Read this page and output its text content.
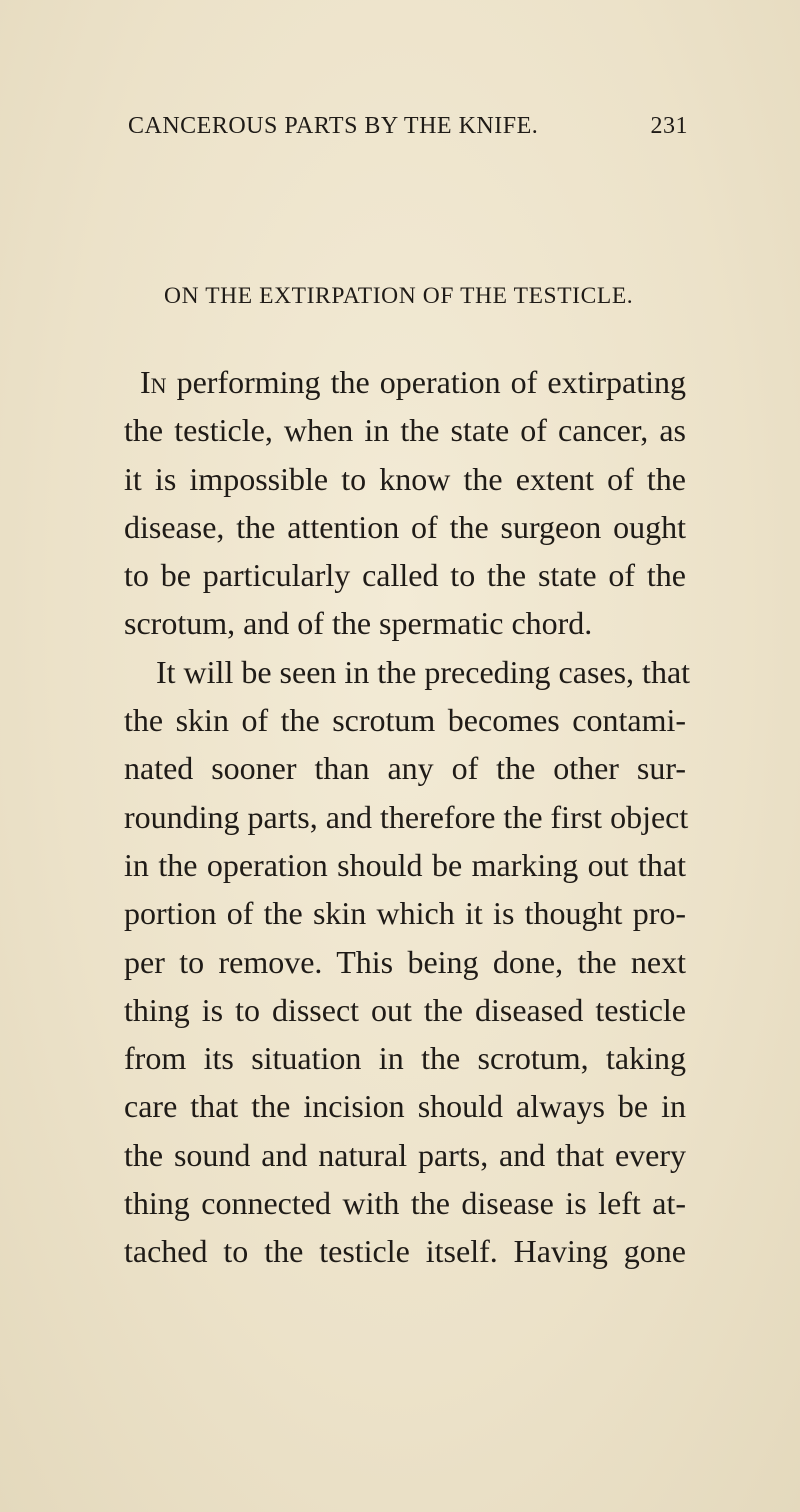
CANCEROUS PARTS BY THE KNIFE.	231
ON THE EXTIRPATION OF THE TESTICLE.
In performing the operation of extirpating
the testicle, when in the state of cancer, as
it is impossible to know the extent of the
disease, the attention of the surgeon ought
to be particularly called to the state of the
scrotum, and of the spermatic chord.
It will be seen in the preceding cases, that
the skin of the scrotum becomes contami-
nated sooner than any of the other sur-
rounding parts, and therefore the first object
in the operation should be marking out that
portion of the skin which it is thought pro-
per to remove. This being done, the next
thing is to dissect out the diseased testicle
from its situation in the scrotum, taking
care that the incision should always be in
the sound and natural parts, and that every
thing connected with the disease is left at-
tached to the testicle itself. Having gone
